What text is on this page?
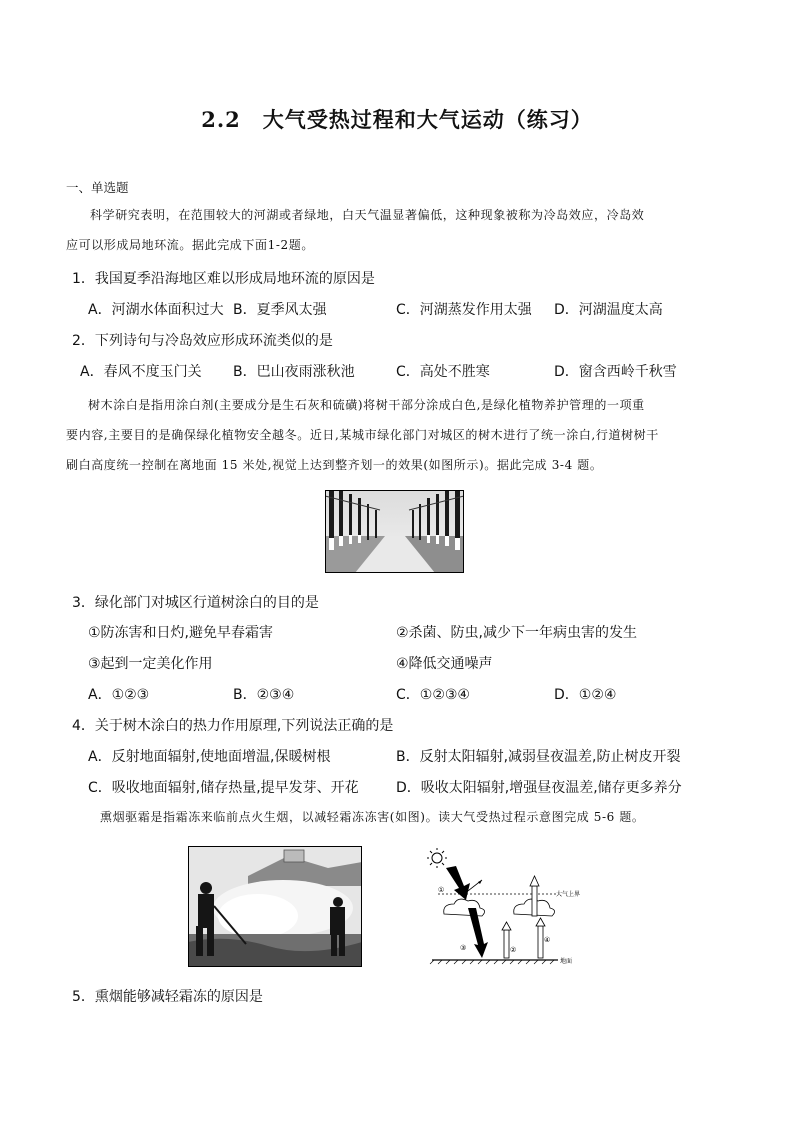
2.2　大气受热过程和大气运动（练习）
一、单选题
科学研究表明，在范围较大的河湖或者绿地，白天气温显著偏低，这种现象被称为冷岛效应，冷岛效
应可以形成局地环流。据此完成下面1-2题。
1．我国夏季沿海地区难以形成局地环流的原因是
A．河湖水体面积过大 B．夏季风太强	C．河湖蒸发作用太强 D．河湖温度太高
2．下列诗句与冷岛效应形成环流类似的是
A．春风不度玉门关 B．巴山夜雨涨秋池	C．高处不胜寒	D．窗含西岭千秋雪
树木涂白是指用涂白剂(主要成分是生石灰和硫磺)将树干部分涂成白色,是绿化植物养护管理的一项重
要内容,主要目的是确保绿化植物安全越冬。近日,某城市绿化部门对城区的树木进行了统一涂白,行道树树干
刷白高度统一控制在离地面 15 米处,视觉上达到整齐划一的效果(如图所示)。据此完成 3-4 题。
3．绿化部门对城区行道树涂白的目的是
①防冻害和日灼,避免早春霜害	②杀菌、防虫,减少下一年病虫害的发生
③起到一定美化作用	④降低交通噪声
A．①②③	B．②③④	C．①②③④	D．①②④
4．关于树木涂白的热力作用原理,下列说法正确的是
A．反射地面辐射,使地面增温,保暖树根	B．反射太阳辐射,减弱昼夜温差,防止树皮开裂
C．吸收地面辐射,储存热量,提早发芽、开花	D．吸收太阳辐射,增强昼夜温差,储存更多养分
熏烟驱霜是指霜冻来临前点火生烟，以减轻霜冻冻害(如图)。读大气受热过程示意图完成 5-6 题。
①
②
③
④
大气上界
地面
5．熏烟能够减轻霜冻的原因是
